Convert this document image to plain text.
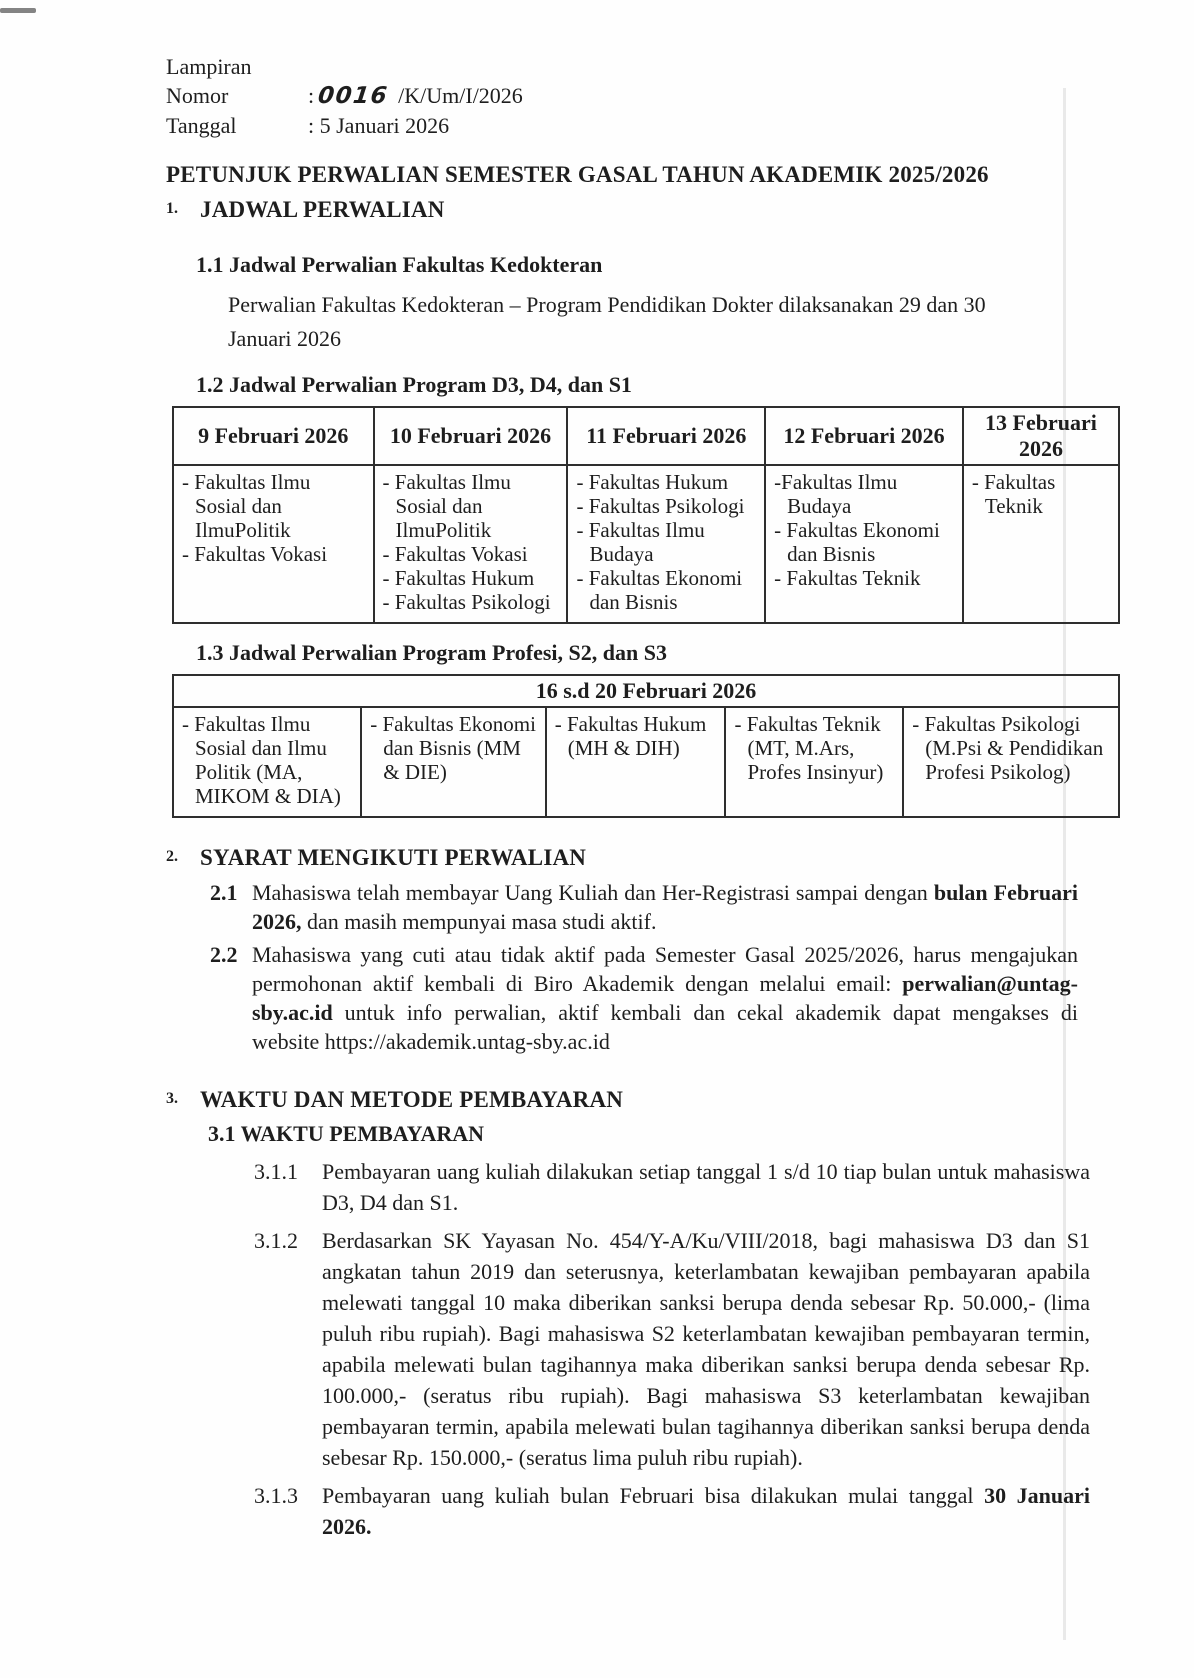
Lampiran
Nomor	: 0016 /K/Um/I/2026
Tanggal	: 5 Januari 2026
PETUNJUK PERWALIAN SEMESTER GASAL TAHUN AKADEMIK 2025/2026
1. JADWAL PERWALIAN
1.1 Jadwal Perwalian Fakultas Kedokteran
Perwalian Fakultas Kedokteran – Program Pendidikan Dokter dilaksanakan 29 dan 30 Januari 2026
1.2 Jadwal Perwalian Program D3, D4, dan S1
9 Februari 2026	10 Februari 2026	11 Februari 2026	12 Februari 2026	13 Februari 2026

- Fakultas Ilmu Sosial dan IlmuPolitik
- Fakultas Vokasi

- Fakultas Ilmu Sosial dan IlmuPolitik
- Fakultas Vokasi
- Fakultas Hukum
- Fakultas Psikologi

- Fakultas Hukum
- Fakultas Psikologi
- Fakultas Ilmu Budaya
- Fakultas Ekonomi dan Bisnis

-Fakultas Ilmu Budaya
- Fakultas Ekonomi dan Bisnis
- Fakultas Teknik

- Fakultas Teknik
1.3 Jadwal Perwalian Program Profesi, S2, dan S3
16 s.d 20 Februari 2026

- Fakultas Ilmu Sosial dan Ilmu Politik (MA, MIKOM & DIA)

- Fakultas Ekonomi dan Bisnis (MM & DIE)

- Fakultas Hukum (MH & DIH)

- Fakultas Teknik (MT, M.Ars, Profes Insinyur)

- Fakultas Psikologi (M.Psi & Pendidikan Profesi Psikolog)
2. SYARAT MENGIKUTI PERWALIAN
2.1 Mahasiswa telah membayar Uang Kuliah dan Her-Registrasi sampai dengan bulan Februari 2026, dan masih mempunyai masa studi aktif.
2.2 Mahasiswa yang cuti atau tidak aktif pada Semester Gasal 2025/2026, harus mengajukan permohonan aktif kembali di Biro Akademik dengan melalui email: perwalian@untag-sby.ac.id untuk info perwalian, aktif kembali dan cekal akademik dapat mengakses di website https://akademik.untag-sby.ac.id
3. WAKTU DAN METODE PEMBAYARAN
3.1 WAKTU PEMBAYARAN
3.1.1	Pembayaran uang kuliah dilakukan setiap tanggal 1 s/d 10 tiap bulan untuk mahasiswa D3, D4 dan S1.
3.1.2	Berdasarkan SK Yayasan No. 454/Y-A/Ku/VIII/2018, bagi mahasiswa D3 dan S1 angkatan tahun 2019 dan seterusnya, keterlambatan kewajiban pembayaran apabila melewati tanggal 10 maka diberikan sanksi berupa denda sebesar Rp. 50.000,- (lima puluh ribu rupiah). Bagi mahasiswa S2 keterlambatan kewajiban pembayaran termin, apabila melewati bulan tagihannya maka diberikan sanksi berupa denda sebesar Rp. 100.000,- (seratus ribu rupiah). Bagi mahasiswa S3 keterlambatan kewajiban pembayaran termin, apabila melewati bulan tagihannya diberikan sanksi berupa denda sebesar Rp. 150.000,- (seratus lima puluh ribu rupiah).
3.1.3	Pembayaran uang kuliah bulan Februari bisa dilakukan mulai tanggal 30 Januari 2026.
